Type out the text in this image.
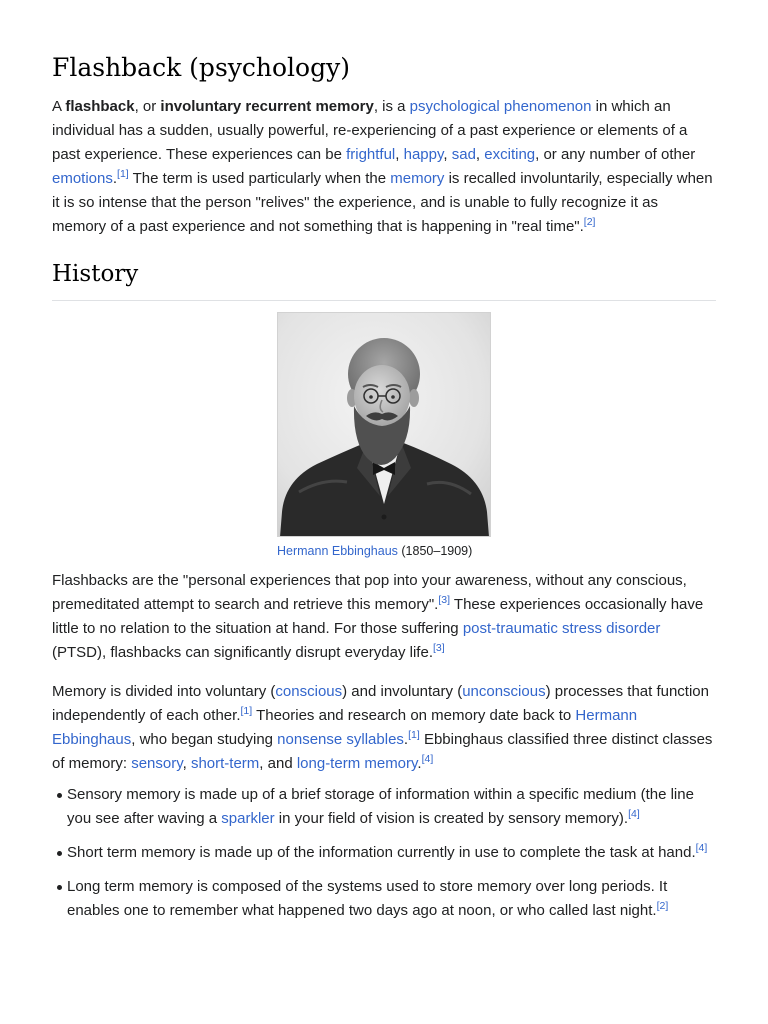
Flashback (psychology)

A flashback, or involuntary recurrent memory, is a psychological phenomenon in which an individual has a sudden, usually powerful, re-experiencing of a past experience or elements of a past experience. These experiences can be frightful, happy, sad, exciting, or any number of other emotions.[1] The term is used particularly when the memory is recalled involuntarily, especially when it is so intense that the person "relives" the experience, and is unable to fully recognize it as memory of a past experience and not something that is happening in "real time".[2]

History
Hermann Ebbinghaus (1850–1909)

Flashbacks are the "personal experiences that pop into your awareness, without any conscious, premeditated attempt to search and retrieve this memory".[3] These experiences occasionally have little to no relation to the situation at hand. For those suffering post-traumatic stress disorder (PTSD), flashbacks can significantly disrupt everyday life.[3]

Memory is divided into voluntary (conscious) and involuntary (unconscious) processes that function independently of each other.[1] Theories and research on memory date back to Hermann Ebbinghaus, who began studying nonsense syllables.[1] Ebbinghaus classified three distinct classes of memory: sensory, short-term, and long-term memory.[4]

Sensory memory is made up of a brief storage of information within a specific medium (the line you see after waving a sparkler in your field of vision is created by sensory memory).[4]
Short term memory is made up of the information currently in use to complete the task at hand.[4]
Long term memory is composed of the systems used to store memory over long periods. It enables one to remember what happened two days ago at noon, or who called last night.[2]
